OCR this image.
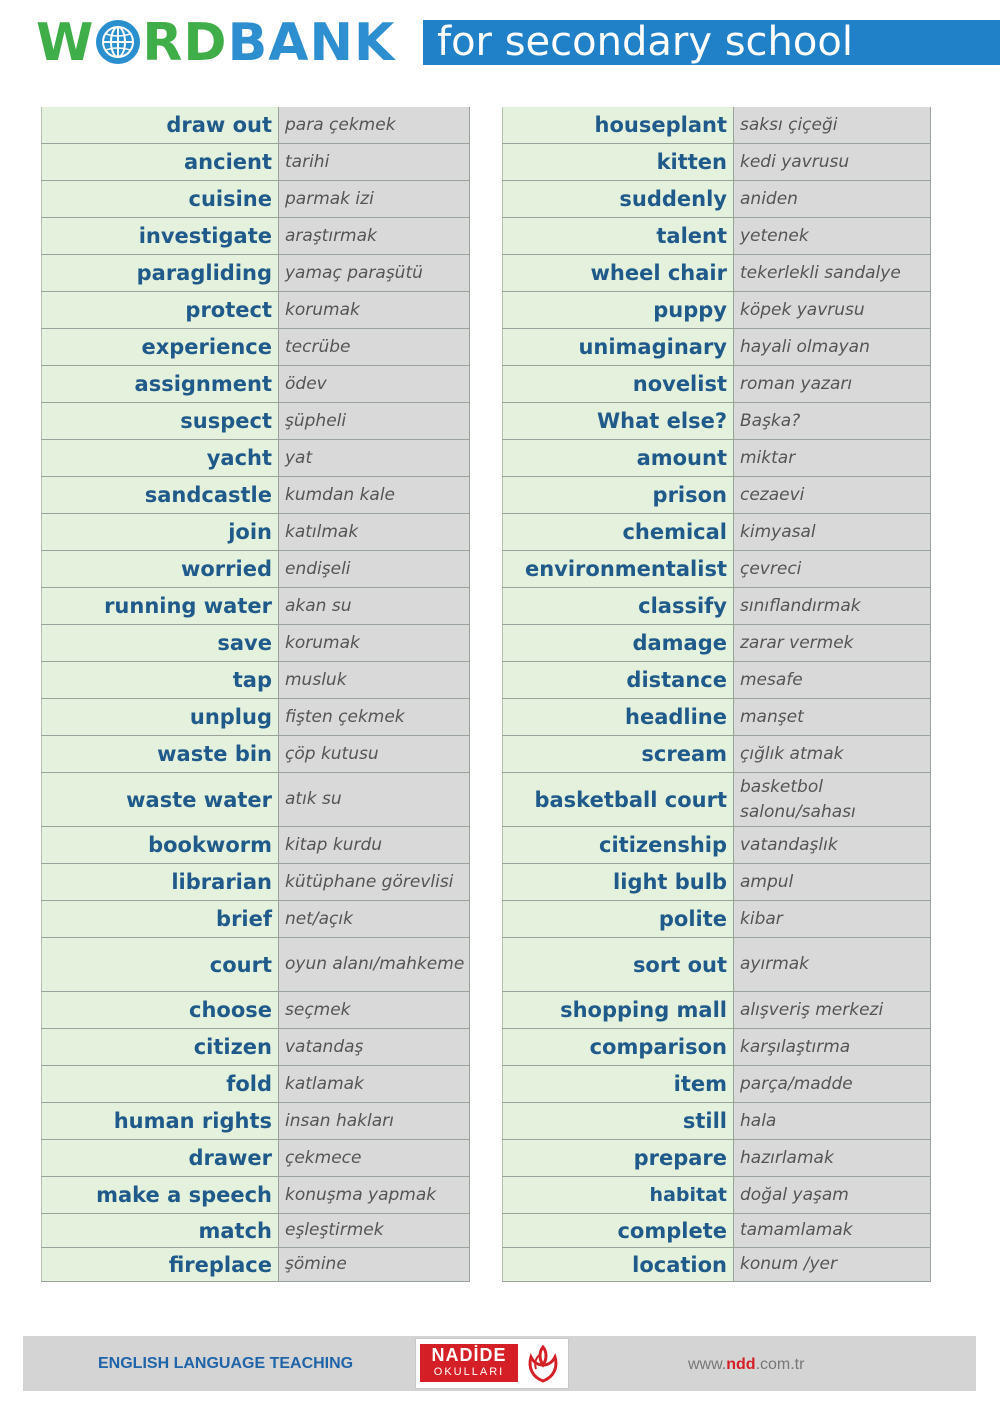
W RDBANK for secondary school
draw out para çekmek
ancient tarihi
cuisine parmak izi
investigate araştırmak
paragliding yamaç paraşütü
protect korumak
experience tecrübe
assignment ödev
suspect şüpheli
yacht yat
sandcastle kumdan kale
join katılmak
worried endişeli
running water akan su
save korumak
tap musluk
unplug fişten çekmek
waste bin çöp kutusu
waste water atık su
bookworm kitap kurdu
librarian kütüphane görevlisi
brief net/açık
court oyun alanı/mahkeme
choose seçmek
citizen vatandaş
fold katlamak
human rights insan hakları
drawer çekmece
make a speech konuşma yapmak
match eşleştirmek
fireplace şömine
houseplant saksı çiçeği
kitten kedi yavrusu
suddenly aniden
talent yetenek
wheel chair tekerlekli sandalye
puppy köpek yavrusu
unimaginary hayali olmayan
novelist roman yazarı
What else? Başka?
amount miktar
prison cezaevi
chemical kimyasal
environmentalist çevreci
classify sınıflandırmak
damage zarar vermek
distance mesafe
headline manşet
scream çığlık atmak
basketball court
basketbol salonu/sahası
citizenship vatandaşlık
light bulb ampul
polite kibar
sort out ayırmak
shopping mall alışveriş merkezi
comparison karşılaştırma
item parça/madde
still hala
prepare hazırlamak
habitat doğal yaşam
complete tamamlamak
location konum /yer
ENGLISH LANGUAGE TEACHING	NADİDE
OKULLARI	www.ndd.com.tr
